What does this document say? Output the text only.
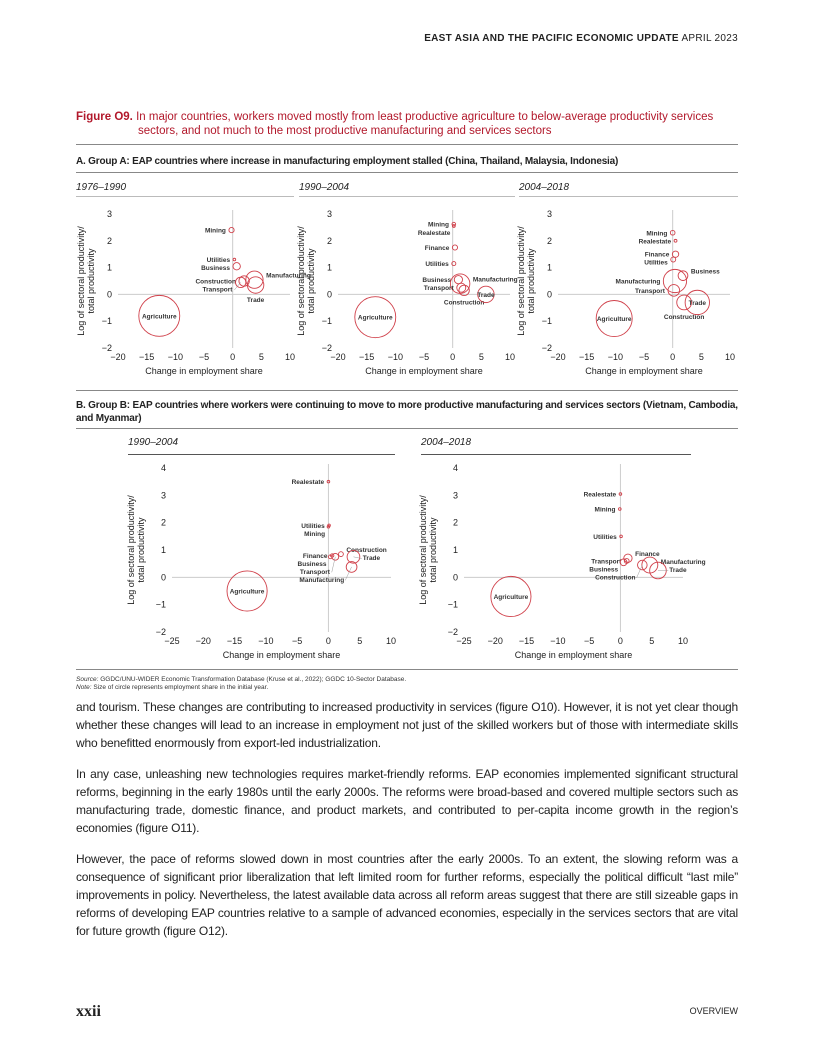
EAST ASIA AND THE PACIFIC ECONOMIC UPDATE APRIL 2023
Figure O9. In major countries, workers moved mostly from least productive agriculture to below-average productivity services sectors, and not much to the most productive manufacturing and services sectors
A. Group A: EAP countries where increase in manufacturing employment stalled (China, Thailand, Malaysia, Indonesia)
1976–1990	1990–2004	2004–2018
−20 −15 −10 −5 0	5 10
−2
−1
0
1
2
3
Change in employment share
Log of sectoral productivity/ total productivity
Mining
Utilities
Business
Construction
Transport
Manufacturing
Trade
Agriculture
−20 −15 −10 −5 0	5 10
−2
−1
0
1
2
3
Change in employment share
Log of sectoral productivity/ total productivity
Mining
Realestate
Finance
Utilities
Business	Manufacturing
Transport
Construction
Trade
Agriculture
−20 −15 −10 −5 0	5 10
−2
−1
0
1
2
3
Change in employment share
Log of sectoral productivity/ total productivity
Mining
Realestate
Finance
Utilities
Business
Manufacturing
Transport
Construction
Trade
Agriculture
B. Group B: EAP countries where workers were continuing to move to more productive manufacturing and services sectors (Vietnam, Cambodia, and Myanmar)
1990–2004	2004–2018
−25 −20 −15 −10 −5	0	5	10
−2
−1
0
1
2
3
4
Change in employment share
Log of sectoral productivity/ total productivity
Realestate
Utilities
Mining
Finance
Business
Construction
Transport
Trade
Manufacturing
Agriculture
−25 −20 −15 −10 −5	0	5	10
−2
−1
0
1
2
3
4
Change in employment share
Log of sectoral productivity/ total productivity
Realestate
Mining
Utilities
Finance
Transport
Business
Construction
Manufacturing
Trade
Agriculture
Source: GGDC/UNU-WIDER Economic Transformation Database (Kruse et al., 2022); GGDC 10-Sector Database.
Note: Size of circle represents employment share in the initial year.

and tourism. These changes are contributing to increased productivity in services (figure O10). However, it is not yet clear though whether these changes will lead to an increase in employment not just of the skilled workers but of those with intermediate skills who benefitted enormously from export-led industrialization.

In any case, unleashing new technologies requires market-friendly reforms. EAP economies implemented significant structural reforms, beginning in the early 1980s until the early 2000s. The reforms were broad-based and covered multiple sectors such as manufacturing trade, domestic finance, and product markets, and contributed to per-capita income growth in the region’s economies (figure O11).

However, the pace of reforms slowed down in most countries after the early 2000s. To an extent, the slowing reform was a consequence of significant prior liberalization that left limited room for further reforms, especially the political difficult “last mile” improvements in policy. Nevertheless, the latest available data across all reform areas suggest that there are still sizeable gaps in reforms of developing EAP countries relative to a sample of advanced economies, especially in the services sectors that are vital for future growth (figure O12).

xxii	OVERVIEW
